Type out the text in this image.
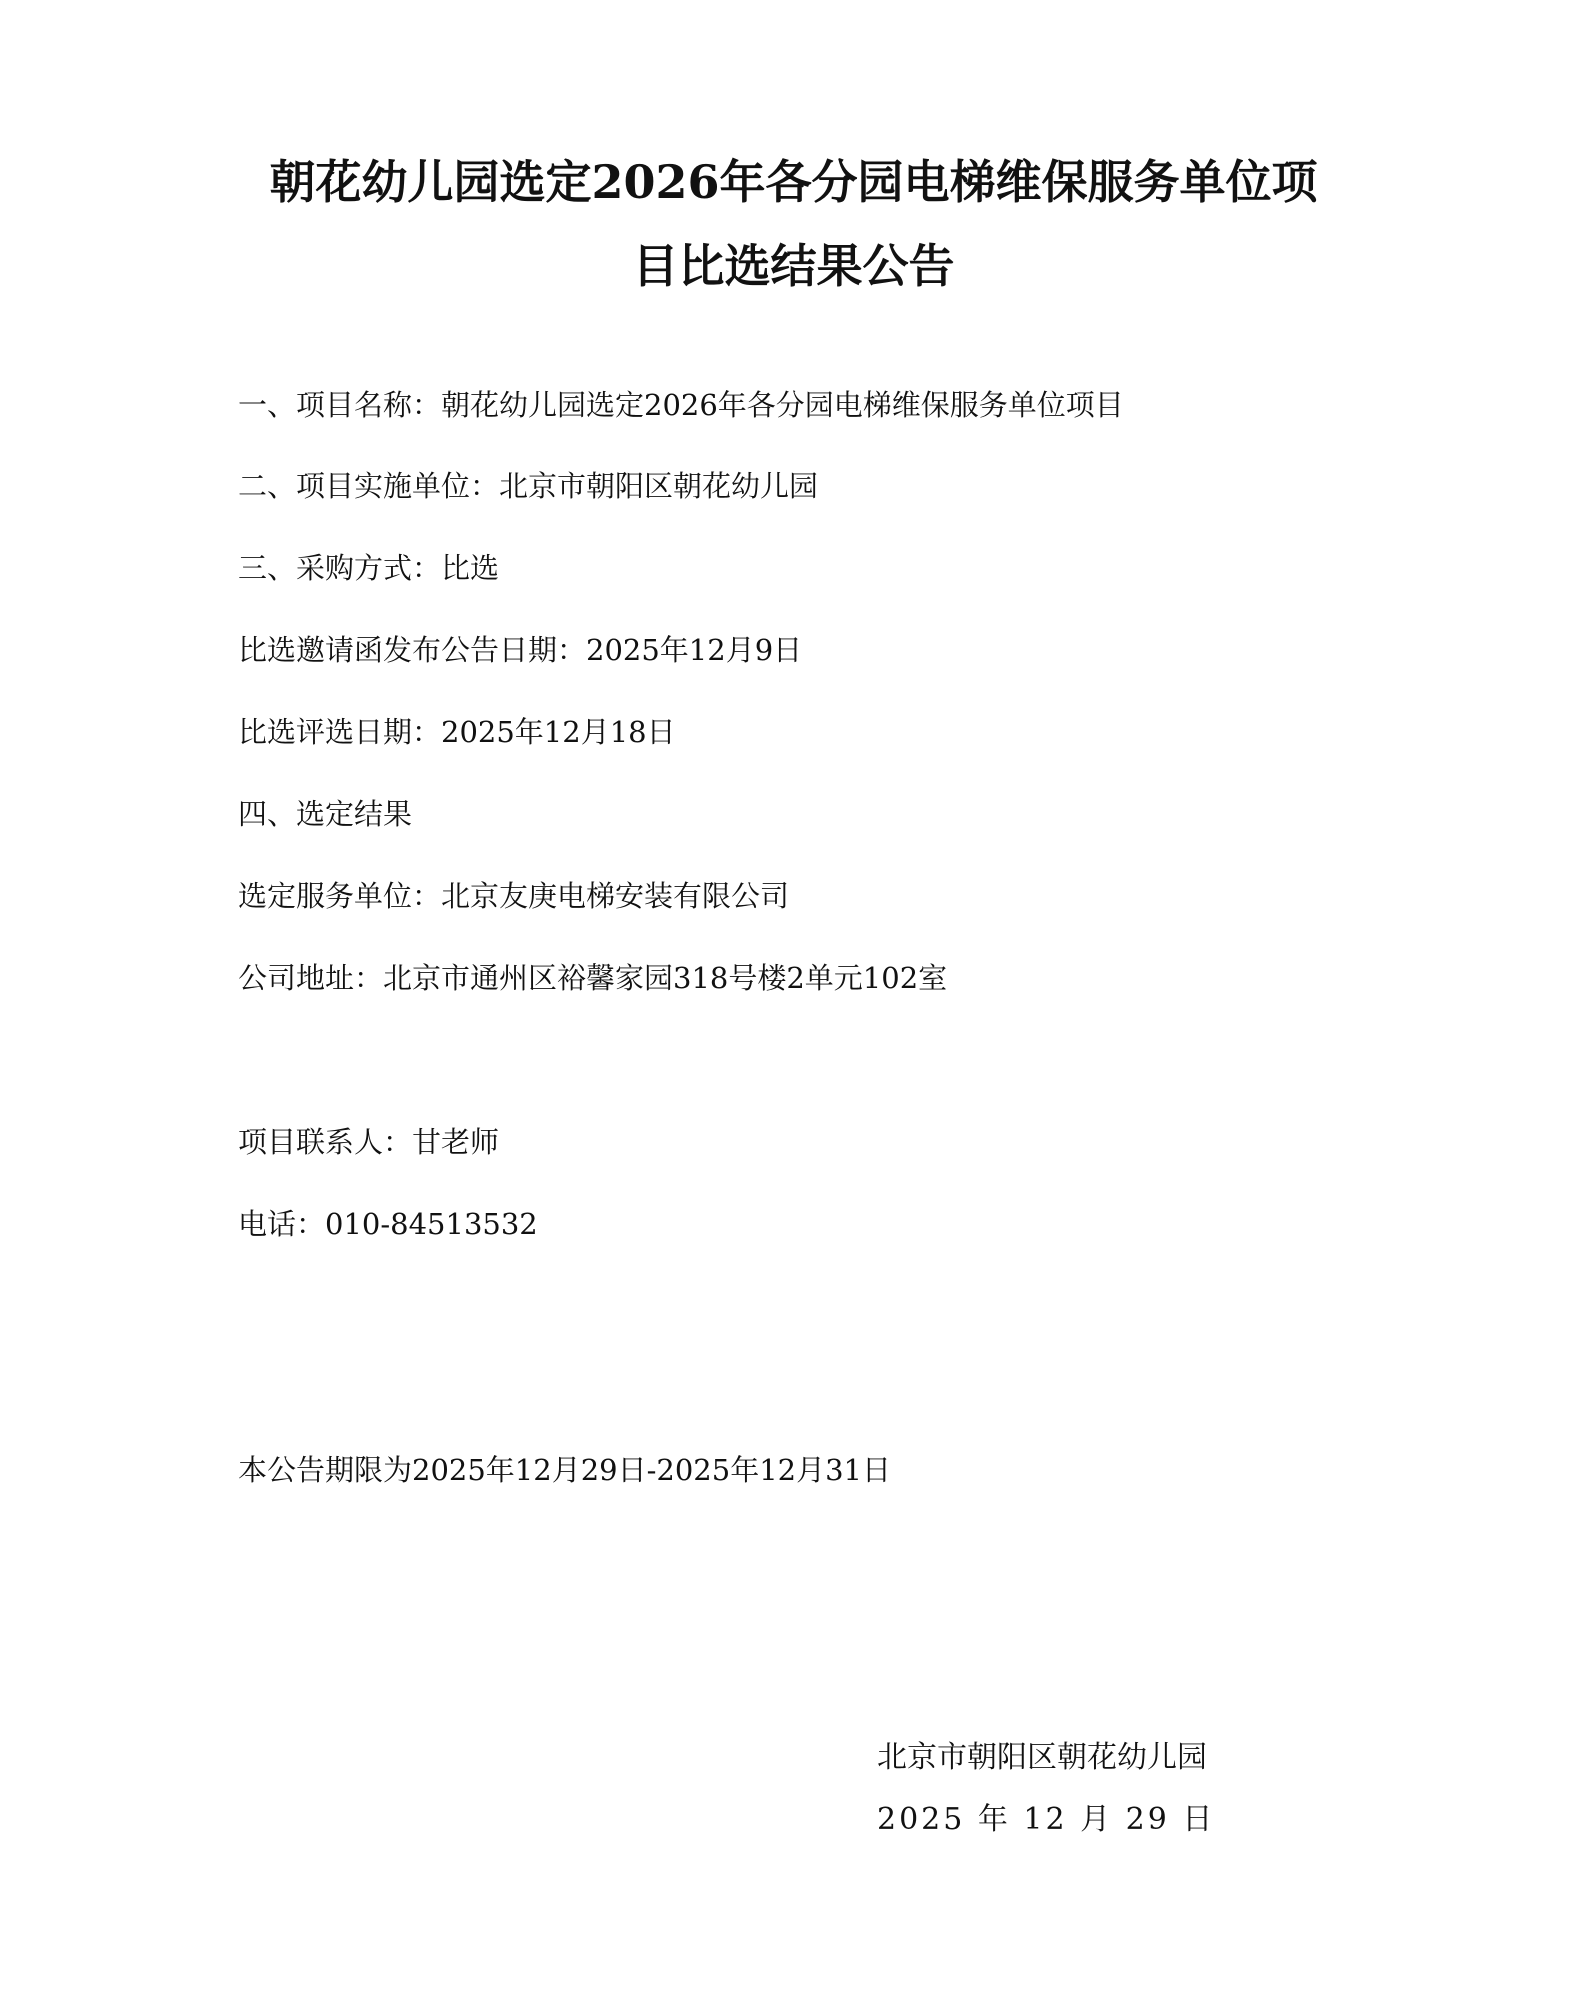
朝花幼儿园选定2026年各分园电梯维保服务单位项
目比选结果公告

一、项目名称：朝花幼儿园选定2026年各分园电梯维保服务单位项目

二、项目实施单位：北京市朝阳区朝花幼儿园

三、采购方式：比选

比选邀请函发布公告日期：2025年12月9日

比选评选日期：2025年12月18日

四、选定结果

选定服务单位：北京友庚电梯安装有限公司

公司地址：北京市通州区裕馨家园318号楼2单元102室

项目联系人：甘老师

电话：010-84513532

本公告期限为2025年12月29日-2025年12月31日

北京市朝阳区朝花幼儿园

2025 年 12 月 29 日
